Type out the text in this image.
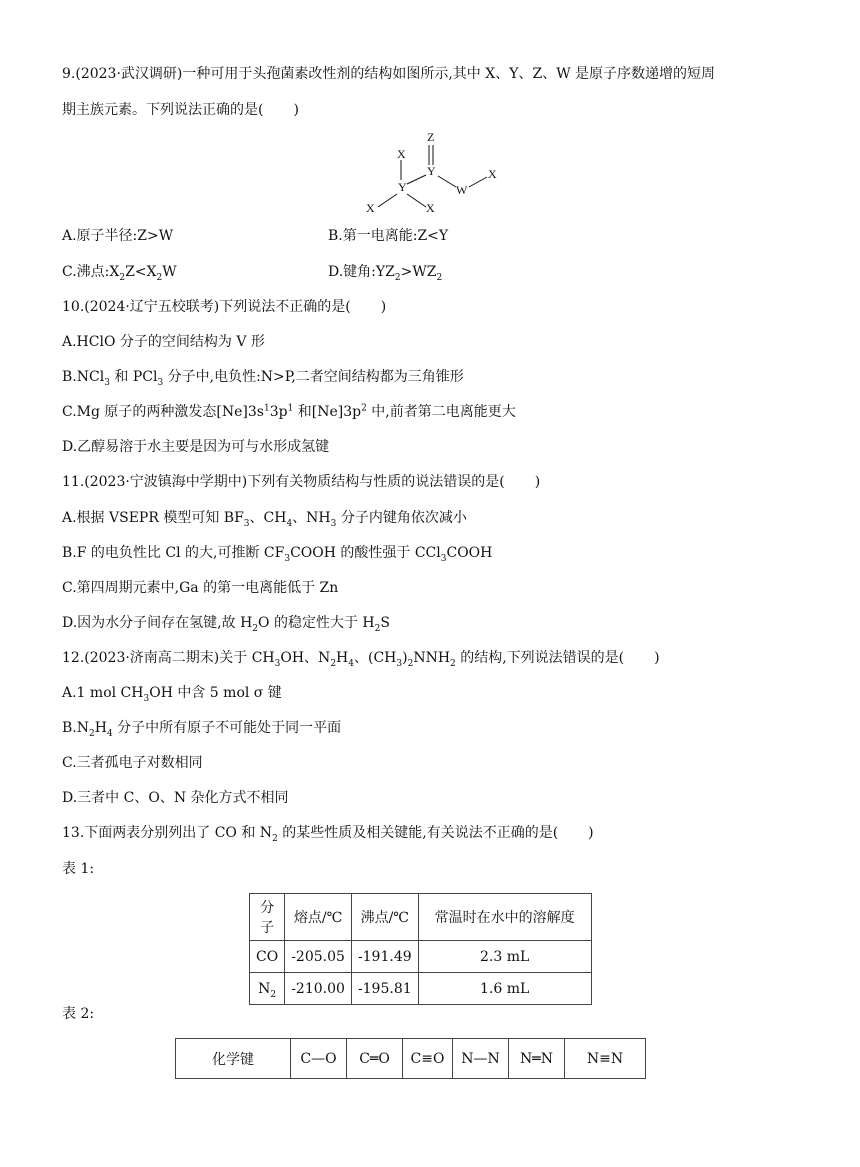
9.(2023·武汉调研)一种可用于头孢菌素改性剂的结构如图所示,其中 X、Y、Z、W 是原子序数递增的短周
期主族元素。下列说法正确的是( )
Z
X
Y	X
Y	W
X	X
A.原子半径:Z>W	B.第一电离能:Z<Y
C.沸点$:X_2Z<X_2W$	D.键角$:YZ_2>WZ_2$
10.(2024·辽宁五校联考)下列说法不正确的是( )
A.HClO 分子的空间结构为 V 形
B.NCl$_3$ 和 PCl$_3$ 分子中,电负性:N>P,二者空间结构都为三角锥形
C.Mg 原子的两种激发态$[Ne]3s^13p^1$ 和$[Ne]3p^2$ 中,前者第二电离能更大
D.乙醇易溶于水主要是因为可与水形成氢键
11.(2023·宁波镇海中学期中)下列有关物质结构与性质的说法错误的是( )
A.根据 VSEPR 模型可知 $BF_3$、$CH_4$、$NH_3$ 分子内键角依次减小
B.F 的电负性比 Cl 的大,可推断 $CF_3COOH$ 的酸性强于 CCl$_3$COOH
C.第四周期元素中,Ga 的第一电离能低于 Zn
D.因为水分子间存在氢键,故 $H_2O$ 的稳定性大于 $H_2S$
12.(2023·济南高二期末)关于 $CH_3OH$、$N_2H_4$、$(CH_3)_2NNH_2$ 的结构,下列说法错误的是( )
A.1 mol $CH_3OH$ 中含 5 mol σ 键
$B.N_2H_4$ 分子中所有原子不可能处于同一平面
C.三者孤电子对数相同
D.三者中 C、O、N 杂化方式不相同
13.下面两表分别列出了 CO 和 $N_2$ 的某些性质及相关键能,有关说法不正确的是( )
表 1:
分子	熔点/℃	沸点/℃	常温时在水中的溶解度
CO	-205.05	-191.49	2.3 mL
$N_2$	-210.00	-195.81	1.6 mL
表 2:
化学键	C—O	C═O	C≡O	N—N	N═N	N≡N
